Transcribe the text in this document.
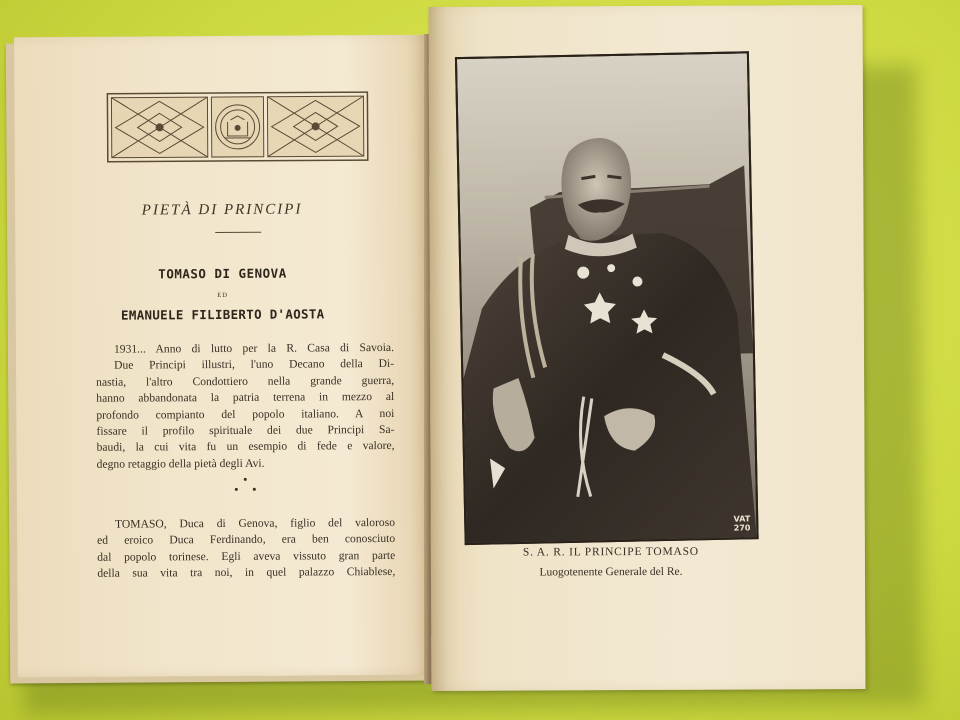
PIETÀ DI PRINCIPI
TOMASO DI GENOVA
ED
EMANUELE FILIBERTO D'AOSTA
1931... Anno di lutto per la R. Casa di Savoia.
Due Principi illustri, l'uno Decano della Di-
nastia, l'altro Condottiero nella grande guerra,
hanno abbandonata la patria terrena in mezzo al
profondo compianto del popolo italiano. A noi
fissare il profilo spirituale dei due Principi Sa-
baudi, la cui vita fu un esempio di fede e valore,
degno retaggio della pietà degli Avi.
TOMASO, Duca di Genova, figlio del valoroso
ed eroico Duca Ferdinando, era ben conosciuto
dal popolo torinese. Egli aveva vissuto gran parte
della sua vita tra noi, in quel palazzo Chiablese,
VAT
270
S. A. R. IL PRINCIPE TOMASO
Luogotenente Generale del Re.
